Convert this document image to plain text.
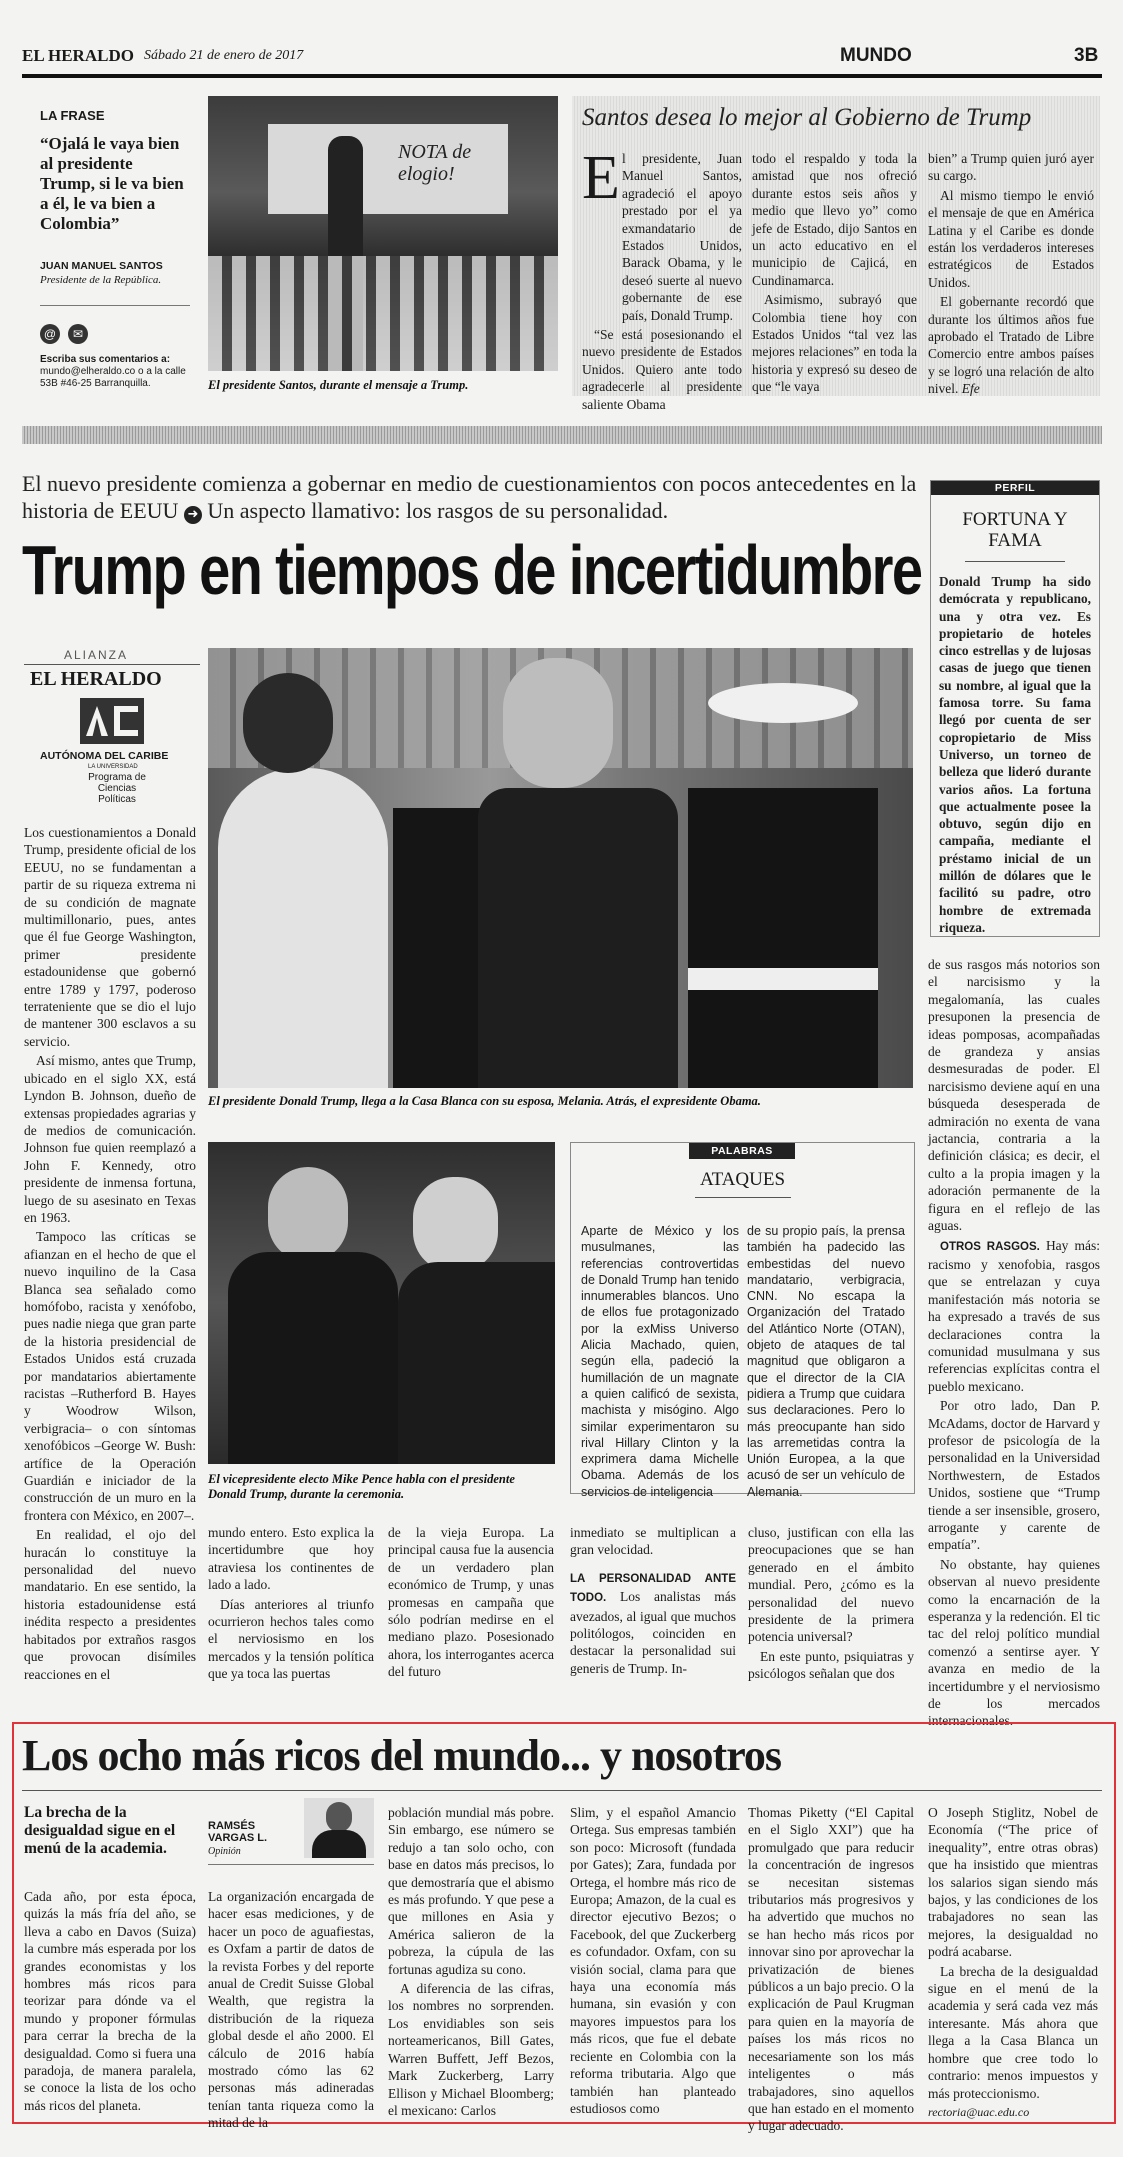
EL HERALDO Sábado 21 de enero de 2017	MUNDO	3B
LA FRASE
“Ojalá le vaya bien al presidente Trump, si le va bien a él, le va bien a Colombia”
JUAN MANUEL SANTOS
Presidente de la República.
@	✉
Escriba sus comentarios a:
mundo@elheraldo.co o a la calle 53B #46-25 Barranquilla.
NOTA de elogio!
El presidente Santos, durante el mensaje a Trump.
Santos desea lo mejor al Gobierno de Trump
E l presidente, Juan Manuel Santos, agradeció el apoyo prestado por el ya exmandatario de Estados Unidos, Barack Obama, y le deseó suerte al nuevo gobernante de ese país, Donald Trump.

“Se está posesionando el nuevo presidente de Estados Unidos. Quiero ante todo agradecerle al presidente saliente Obama

todo el respaldo y toda la amistad que nos ofreció durante estos seis años y medio que llevo yo” como jefe de Estado, dijo Santos en un acto educativo en el municipio de Cajicá, en Cundinamarca.

Asimismo, subrayó que Colombia tiene hoy con Estados Unidos “tal vez las mejores relaciones” en toda la historia y expresó su deseo de que “le vaya

bien” a Trump quien juró ayer su cargo.

Al mismo tiempo le envió el mensaje de que en América Latina y el Caribe es donde están los verdaderos intereses estratégicos de Estados Unidos.

El gobernante recordó que durante los últimos años fue aprobado el Tratado de Libre Comercio entre ambos países y se logró una relación de alto nivel. Efe

El nuevo presidente comienza a gobernar en medio de cuestionamientos con pocos antecedentes en la historia de EEUU ➜ Un aspecto llamativo: los rasgos de su personalidad.
Trump en tiempos de incertidumbre
ALIANZA
EL HERALDO
AUTÓNOMA DEL CARIBE
LA UNIVERSIDAD
Programa de Ciencias Políticas
El presidente Donald Trump, llega a la Casa Blanca con su esposa, Melania. Atrás, el expresidente Obama.

Los cuestionamientos a Donald Trump, presidente oficial de los EEUU, no se fundamentan a partir de su riqueza extrema ni de su condición de magnate multimillonario, pues, antes que él fue George Washington, primer presidente estadounidense que gobernó entre 1789 y 1797, poderoso terrateniente que se dio el lujo de mantener 300 esclavos a su servicio.

Así mismo, antes que Trump, ubicado en el siglo XX, está Lyndon B. Johnson, dueño de extensas propiedades agrarias y de medios de comunicación. Johnson fue quien reemplazó a John F. Kennedy, otro presidente de inmensa fortuna, luego de su asesinato en Texas en 1963.

Tampoco las críticas se afianzan en el hecho de que el nuevo inquilino de la Casa Blanca sea señalado como homófobo, racista y xenófobo, pues nadie niega que gran parte de la historia presidencial de Estados Unidos está cruzada por mandatarios abiertamente racistas –Rutherford B. Hayes y Woodrow Wilson, verbigracia– o con síntomas xenofóbicos –George W. Bush: artífice de la Operación Guardián e iniciador de la construcción de un muro en la frontera con México, en 2007–.

En realidad, el ojo del huracán lo constituye la personalidad del nuevo mandatario. En ese sentido, la historia estadounidense está inédita respecto a presidentes habitados por extraños rasgos que provocan disímiles reacciones en el

El vicepresidente electo Mike Pence habla con el presidente Donald Trump, durante la ceremonia.
PALABRAS
ATAQUES
Aparte de México y los musulmanes, las referencias controvertidas de Donald Trump han tenido innumerables blancos. Uno de ellos fue protagonizado por la exMiss Universo Alicia Machado, quien, según ella, padeció la humillación de un magnate a quien calificó de sexista, machista y misógino. Algo similar experimentaron su rival Hillary Clinton y la exprimera dama Michelle Obama. Además de los servicios de inteligencia
de su propio país, la prensa también ha padecido las embestidas del nuevo mandatario, verbigracia, CNN. No escapa la Organización del Tratado del Atlántico Norte (OTAN), objeto de ataques de tal magnitud que obligaron a que el director de la CIA pidiera a Trump que cuidara sus declaraciones. Pero lo más preocupante han sido las arremetidas contra la Unión Europea, a la que acusó de ser un vehículo de Alemania.
PERFIL
FORTUNA Y FAMA
Donald Trump ha sido demócrata y republicano, una y otra vez. Es propietario de hoteles cinco estrellas y de lujosas casas de juego que tienen su nombre, al igual que la famosa torre. Su fama llegó por cuenta de ser copropietario de Miss Universo, un torneo de belleza que lideró durante varios años. La fortuna que actualmente posee la obtuvo, según dijo en campaña, mediante el préstamo inicial de un millón de dólares que le facilitó su padre, otro hombre de extremada riqueza.

de sus rasgos más notorios son el narcisismo y la megalomanía, las cuales presuponen la presencia de ideas pomposas, acompañadas de grandeza y ansias desmesuradas de poder. El narcisismo deviene aquí en una búsqueda desesperada de admiración no exenta de vana jactancia, contraria a la definición clásica; es decir, el culto a la propia imagen y la adoración permanente de la figura en el reflejo de las aguas.

OTROS RASGOS. Hay más: racismo y xenofobia, rasgos que se entrelazan y cuya manifestación más notoria se ha expresado a través de sus declaraciones contra la comunidad musulmana y sus referencias explícitas contra el pueblo mexicano.

Por otro lado, Dan P. McAdams, doctor de Harvard y profesor de psicología de la personalidad en la Universidad Northwestern, de Estados Unidos, sostiene que “Trump tiende a ser insensible, grosero, arrogante y carente de empatía”.

No obstante, hay quienes observan al nuevo presidente como la encarnación de la esperanza y la redención. El tic tac del reloj político mundial comenzó a sentirse ayer. Y avanza en medio de la incertidumbre y el nerviosismo de los mercados internacionales.

mundo entero. Esto explica la incertidumbre que hoy atraviesa los continentes de lado a lado.

Días anteriores al triunfo ocurrieron hechos tales como el nerviosismo en los mercados y la tensión política que ya toca las puertas

de la vieja Europa. La principal causa fue la ausencia de un verdadero plan económico de Trump, y unas promesas en campaña que sólo podrían medirse en el mediano plazo. Posesionado ahora, los interrogantes acerca del futuro

inmediato se multiplican a gran velocidad.

LA PERSONALIDAD ANTE TODO. Los analistas más avezados, al igual que muchos politólogos, coinciden en destacar la personalidad sui generis de Trump. In-

cluso, justifican con ella las preocupaciones que se han generado en el ámbito mundial. Pero, ¿cómo es la personalidad del nuevo presidente de la primera potencia universal?

En este punto, psiquiatras y psicólogos señalan que dos

Los ocho más ricos del mundo... y nosotros
La brecha de la desigualdad sigue en el menú de la academia.

Cada año, por esta época, quizás la más fría del año, se lleva a cabo en Davos (Suiza) la cumbre más esperada por los grandes economistas y los hombres más ricos para teorizar para dónde va el mundo y proponer fórmulas para cerrar la brecha de la desigualdad. Como si fuera una paradoja, de manera paralela, se conoce la lista de los ocho más ricos del planeta.

RAMSÉS VARGAS L.
Opinión

La organización encargada de hacer esas mediciones, y de hacer un poco de aguafiestas, es Oxfam a partir de datos de la revista Forbes y del reporte anual de Credit Suisse Global Wealth, que registra la distribución de la riqueza global desde el año 2000. El cálculo de 2016 había mostrado cómo las 62 personas más adineradas tenían tanta riqueza como la mitad de la

población mundial más pobre. Sin embargo, ese número se redujo a tan solo ocho, con base en datos más precisos, lo que demostraría que el abismo es más profundo. Y que pese a que millones en Asia y América salieron de la pobreza, la cúpula de las fortunas agudiza su cono.

A diferencia de las cifras, los nombres no sorprenden. Los envidiables son seis norteamericanos, Bill Gates, Warren Buffett, Jeff Bezos, Mark Zuckerberg, Larry Ellison y Michael Bloomberg; el mexicano: Carlos

Slim, y el español Amancio Ortega. Sus empresas también son poco: Microsoft (fundada por Gates); Zara, fundada por Ortega, el hombre más rico de Europa; Amazon, de la cual es director ejecutivo Bezos; o Facebook, del que Zuckerberg es cofundador. Oxfam, con su visión social, clama para que haya una economía más humana, sin evasión y con mayores impuestos para los más ricos, que fue el debate reciente en Colombia con la reforma tributaria. Algo que también han planteado estudiosos como

Thomas Piketty (“El Capital en el Siglo XXI”) que ha promulgado que para reducir la concentración de ingresos se necesitan sistemas tributarios más progresivos y ha advertido que muchos no se han hecho más ricos por innovar sino por aprovechar la privatización de bienes públicos a un bajo precio. O la explicación de Paul Krugman para quien en la mayoría de países los más ricos no necesariamente son los más inteligentes o más trabajadores, sino aquellos que han estado en el momento y lugar adecuado.

O Joseph Stiglitz, Nobel de Economía (“The price of inequality”, entre otras obras) que ha insistido que mientras los salarios sigan siendo más bajos, y las condiciones de los trabajadores no sean las mejores, la desigualdad no podrá acabarse.

La brecha de la desigualdad sigue en el menú de la academia y será cada vez más interesante. Más ahora que llega a la Casa Blanca un hombre que cree todo lo contrario: menos impuestos y más proteccionismo.

rectoria@uac.edu.co
